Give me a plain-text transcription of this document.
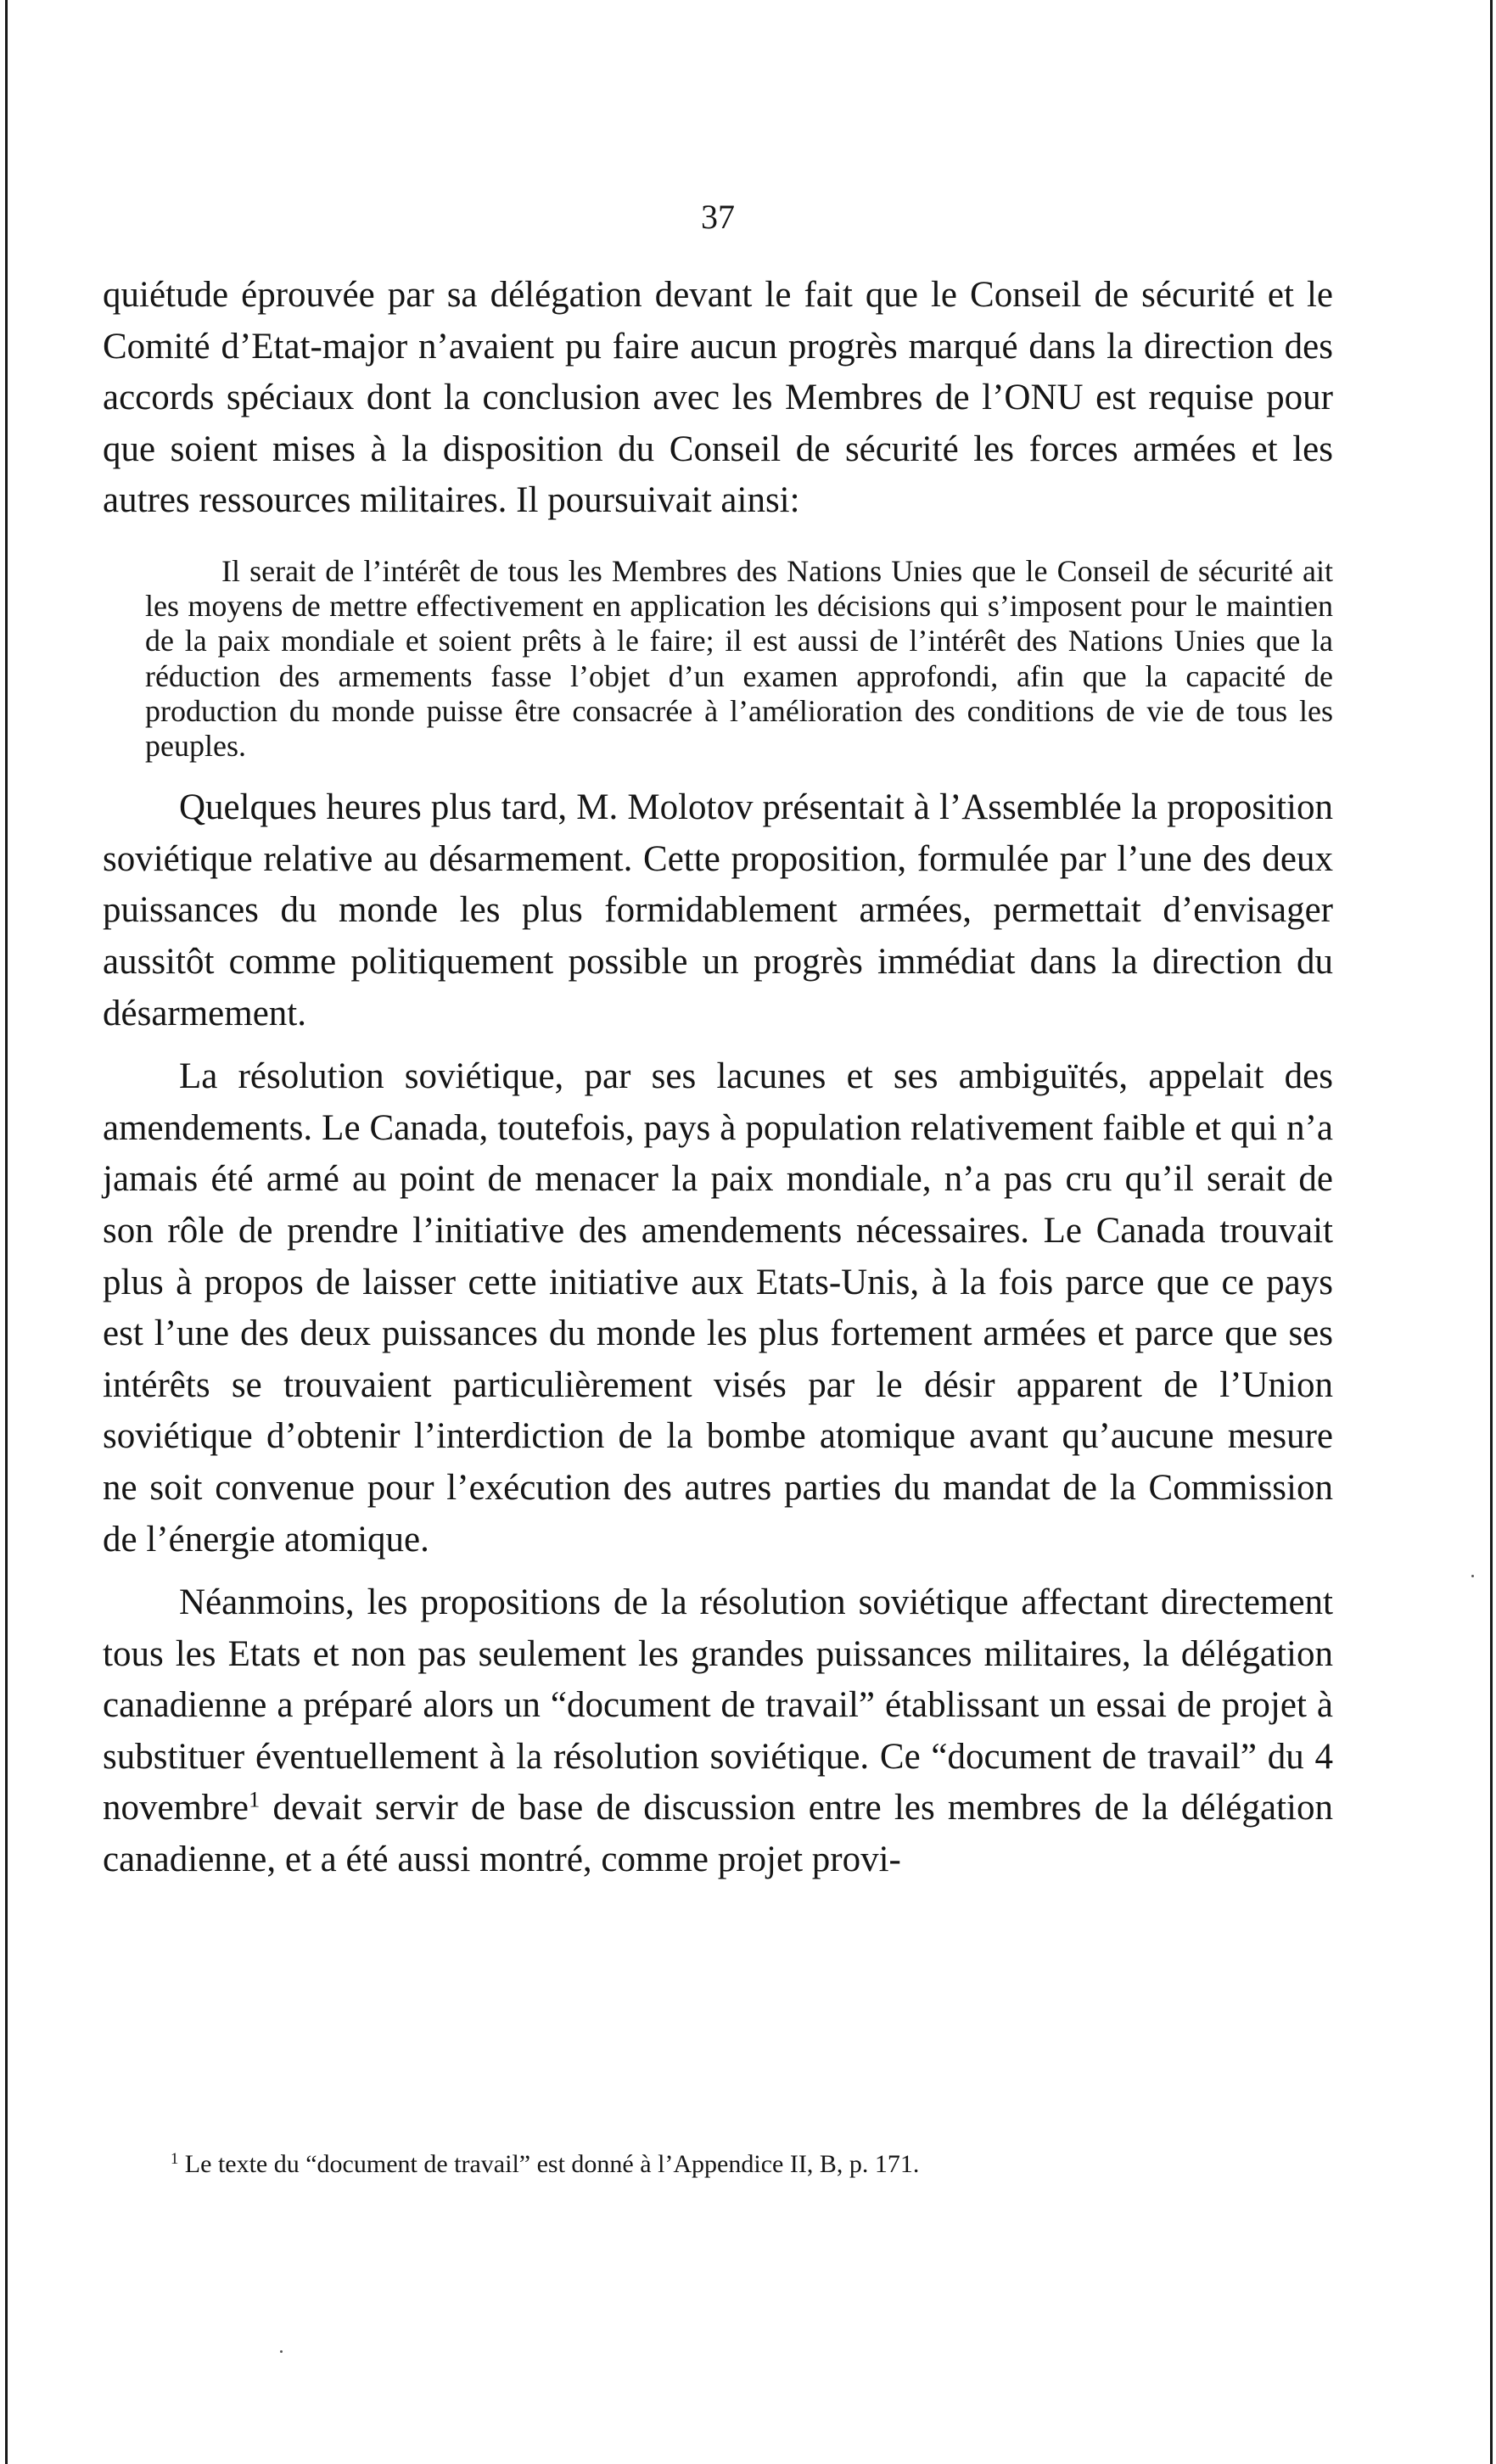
37

quiétude éprouvée par sa délégation devant le fait que le Conseil de sécurité et le Comité d’Etat-major n’avaient pu faire aucun progrès marqué dans la direction des accords spéciaux dont la conclusion avec les Membres de l’ONU est requise pour que soient mises à la disposition du Conseil de sécurité les forces armées et les autres ressources militaires. Il poursuivait ainsi:

Il serait de l’intérêt de tous les Membres des Nations Unies que le Conseil de sécurité ait les moyens de mettre effectivement en application les décisions qui s’imposent pour le maintien de la paix mondiale et soient prêts à le faire; il est aussi de l’intérêt des Nations Unies que la réduction des armements fasse l’objet d’un examen approfondi, afin que la capacité de production du monde puisse être consacrée à l’amélioration des conditions de vie de tous les peuples.

Quelques heures plus tard, M. Molotov présentait à l’Assemblée la proposition soviétique relative au désarmement. Cette proposition, formulée par l’une des deux puissances du monde les plus formidablement armées, permettait d’envisager aussitôt comme politiquement possible un progrès immédiat dans la direction du désarmement.

La résolution soviétique, par ses lacunes et ses ambiguïtés, appelait des amendements. Le Canada, toutefois, pays à population relativement faible et qui n’a jamais été armé au point de menacer la paix mondiale, n’a pas cru qu’il serait de son rôle de prendre l’initiative des amendements nécessaires. Le Canada trouvait plus à propos de laisser cette initiative aux Etats-Unis, à la fois parce que ce pays est l’une des deux puissances du monde les plus fortement armées et parce que ses intérêts se trouvaient particulièrement visés par le désir apparent de l’Union soviétique d’obtenir l’interdiction de la bombe atomique avant qu’aucune mesure ne soit convenue pour l’exécution des autres parties du mandat de la Commission de l’énergie atomique.

Néanmoins, les propositions de la résolution soviétique affectant directement tous les Etats et non pas seulement les grandes puissances militaires, la délégation canadienne a préparé alors un “document de travail” établissant un essai de projet à substituer éventuellement à la résolution soviétique. Ce “document de travail” du 4 novembre$^1$ devait servir de base de discussion entre les membres de la délégation canadienne, et a été aussi montré, comme projet provi-

$^1$ Le texte du “document de travail” est donné à l’Appendice II, B, p. 171.
